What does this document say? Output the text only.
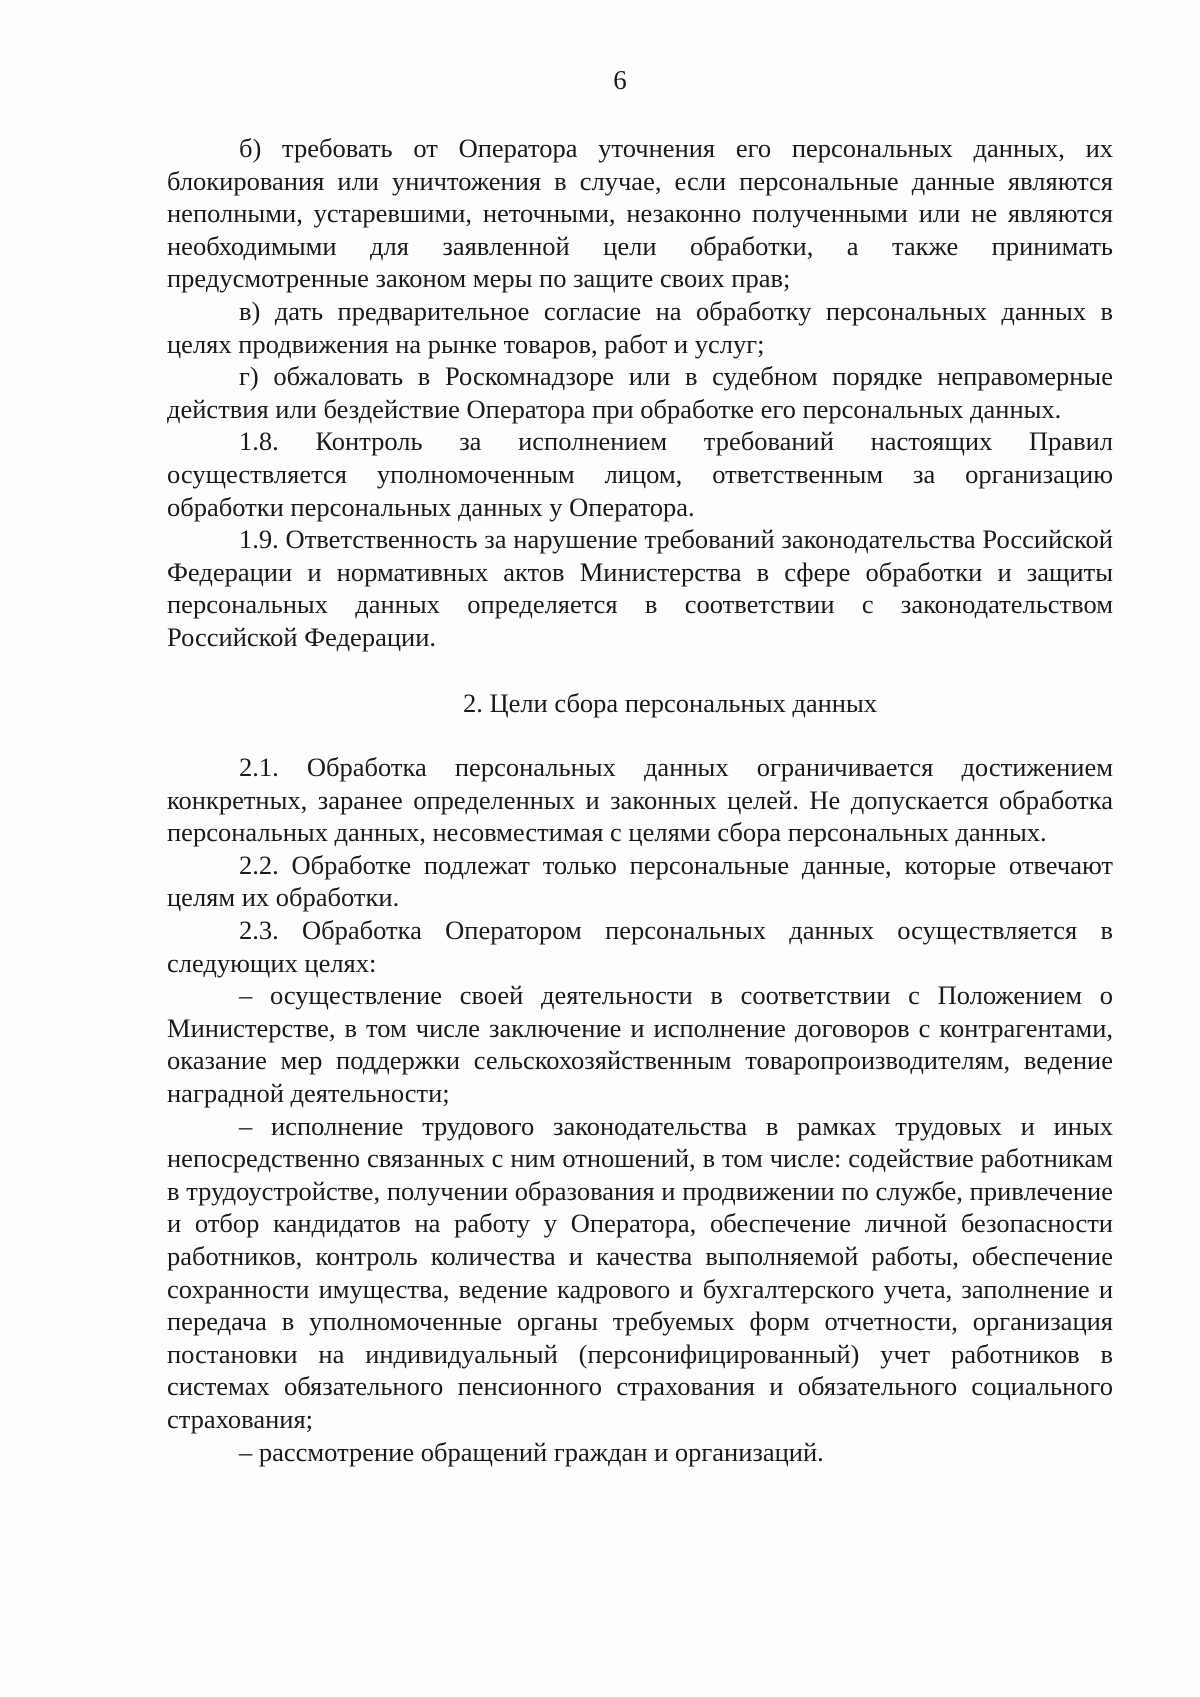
6

б) требовать от Оператора уточнения его персональных данных, их блокирования или уничтожения в случае, если персональные данные являются неполными, устаревшими, неточными, незаконно полученными или не являются необходимыми для заявленной цели обработки, а также принимать предусмотренные законом меры по защите своих прав;

в) дать предварительное согласие на обработку персональных данных в целях продвижения на рынке товаров, работ и услуг;

г) обжаловать в Роскомнадзоре или в судебном порядке неправомерные действия или бездействие Оператора при обработке его персональных данных.

1.8. Контроль за исполнением требований настоящих Правил осуществляется уполномоченным лицом, ответственным за организацию обработки персональных данных у Оператора.

1.9. Ответственность за нарушение требований законодательства Российской Федерации и нормативных актов Министерства в сфере обработки и защиты персональных данных определяется в соответствии с законодательством Российской Федерации.

2. Цели сбора персональных данных

2.1. Обработка персональных данных ограничивается достижением конкретных, заранее определенных и законных целей. Не допускается обработка персональных данных, несовместимая с целями сбора персональных данных.

2.2. Обработке подлежат только персональные данные, которые отвечают целям их обработки.

2.3. Обработка Оператором персональных данных осуществляется в следующих целях:

– осуществление своей деятельности в соответствии с Положением о Министерстве, в том числе заключение и исполнение договоров с контрагентами, оказание мер поддержки сельскохозяйственным товаропроизводителям, ведение наградной деятельности;

– исполнение трудового законодательства в рамках трудовых и иных непосредственно связанных с ним отношений, в том числе: содействие работникам в трудоустройстве, получении образования и продвижении по службе, привлечение и отбор кандидатов на работу у Оператора, обеспечение личной безопасности работников, контроль количества и качества выполняемой работы, обеспечение сохранности имущества, ведение кадрового и бухгалтерского учета, заполнение и передача в уполномоченные органы требуемых форм отчетности, организация постановки на индивидуальный (персонифицированный) учет работников в системах обязательного пенсионного страхования и обязательного социального страхования;

– рассмотрение обращений граждан и организаций.
